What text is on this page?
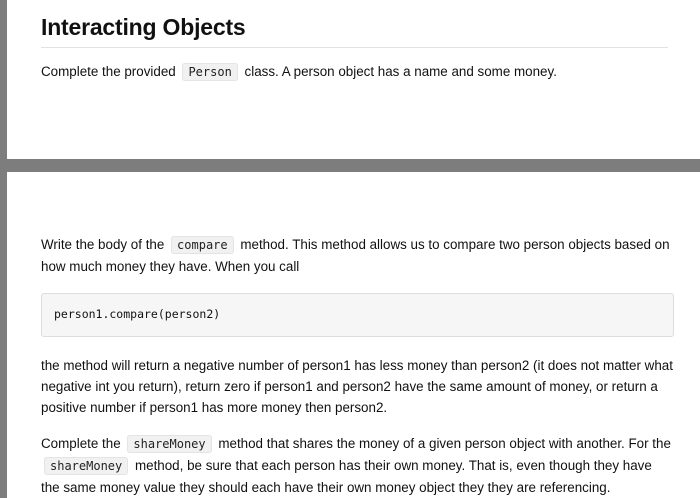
Interacting Objects

Complete the provided Person class. A person object has a name and some money.

Write the body of the compare method. This method allows us to compare two person objects based on how much money they have. When you call

person1.compare(person2)

the method will return a negative number of person1 has less money than person2 (it does not matter what negative int you return), return zero if person1 and person2 have the same amount of money, or return a positive number if person1 has more money then person2.

Complete the shareMoney method that shares the money of a given person object with another. For the shareMoney method, be sure that each person has their own money. That is, even though they have the same money value they should each have their own money object they they are referencing.
